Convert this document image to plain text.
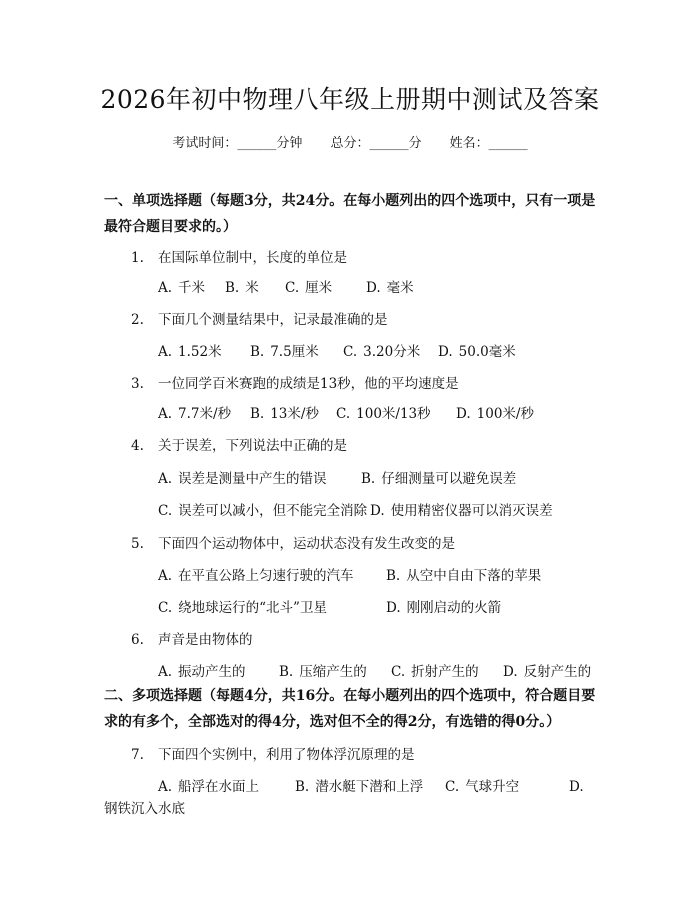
2026年初中物理八年级上册期中测试及答案
考试时间：______分钟 总分：______分 姓名：______
一、单项选择题（每题3分，共24分。在每小题列出的四个选项中，只有一项是
最符合题目要求的。）
1. 在国际单位制中，长度的单位是
A. 千米 B. 米 C. 厘米	D. 毫米
2. 下面几个测量结果中，记录最准确的是
A. 1.52米 B. 7.5厘米 C. 3.20分米 D. 50.0毫米
3. 一位同学百米赛跑的成绩是13秒，他的平均速度是
A. 7.7米/秒 B. 13米/秒 C. 100米/13秒 D. 100米/秒
4. 关于误差，下列说法中正确的是
A. 误差是测量中产生的错误	B. 仔细测量可以避免误差
C. 误差可以减小，但不能完全消除 D. 使用精密仪器可以消灭误差
5. 下面四个运动物体中，运动状态没有发生改变的是
A. 在平直公路上匀速行驶的汽车 B. 从空中自由下落的苹果
C. 绕地球运行的“北斗”卫星	D. 刚刚启动的火箭
6. 声音是由物体的
A. 振动产生的 B. 压缩产生的 C. 折射产生的 D. 反射产生的
二、多项选择题（每题4分，共16分。在每小题列出的四个选项中，符合题目要
求的有多个，全部选对的得4分，选对但不全的得2分，有选错的得0分。）
7. 下面四个实例中，利用了物体浮沉原理的是
A. 船浮在水面上	B. 潜水艇下潜和上浮 C. 气球升空	D.
钢铁沉入水底
